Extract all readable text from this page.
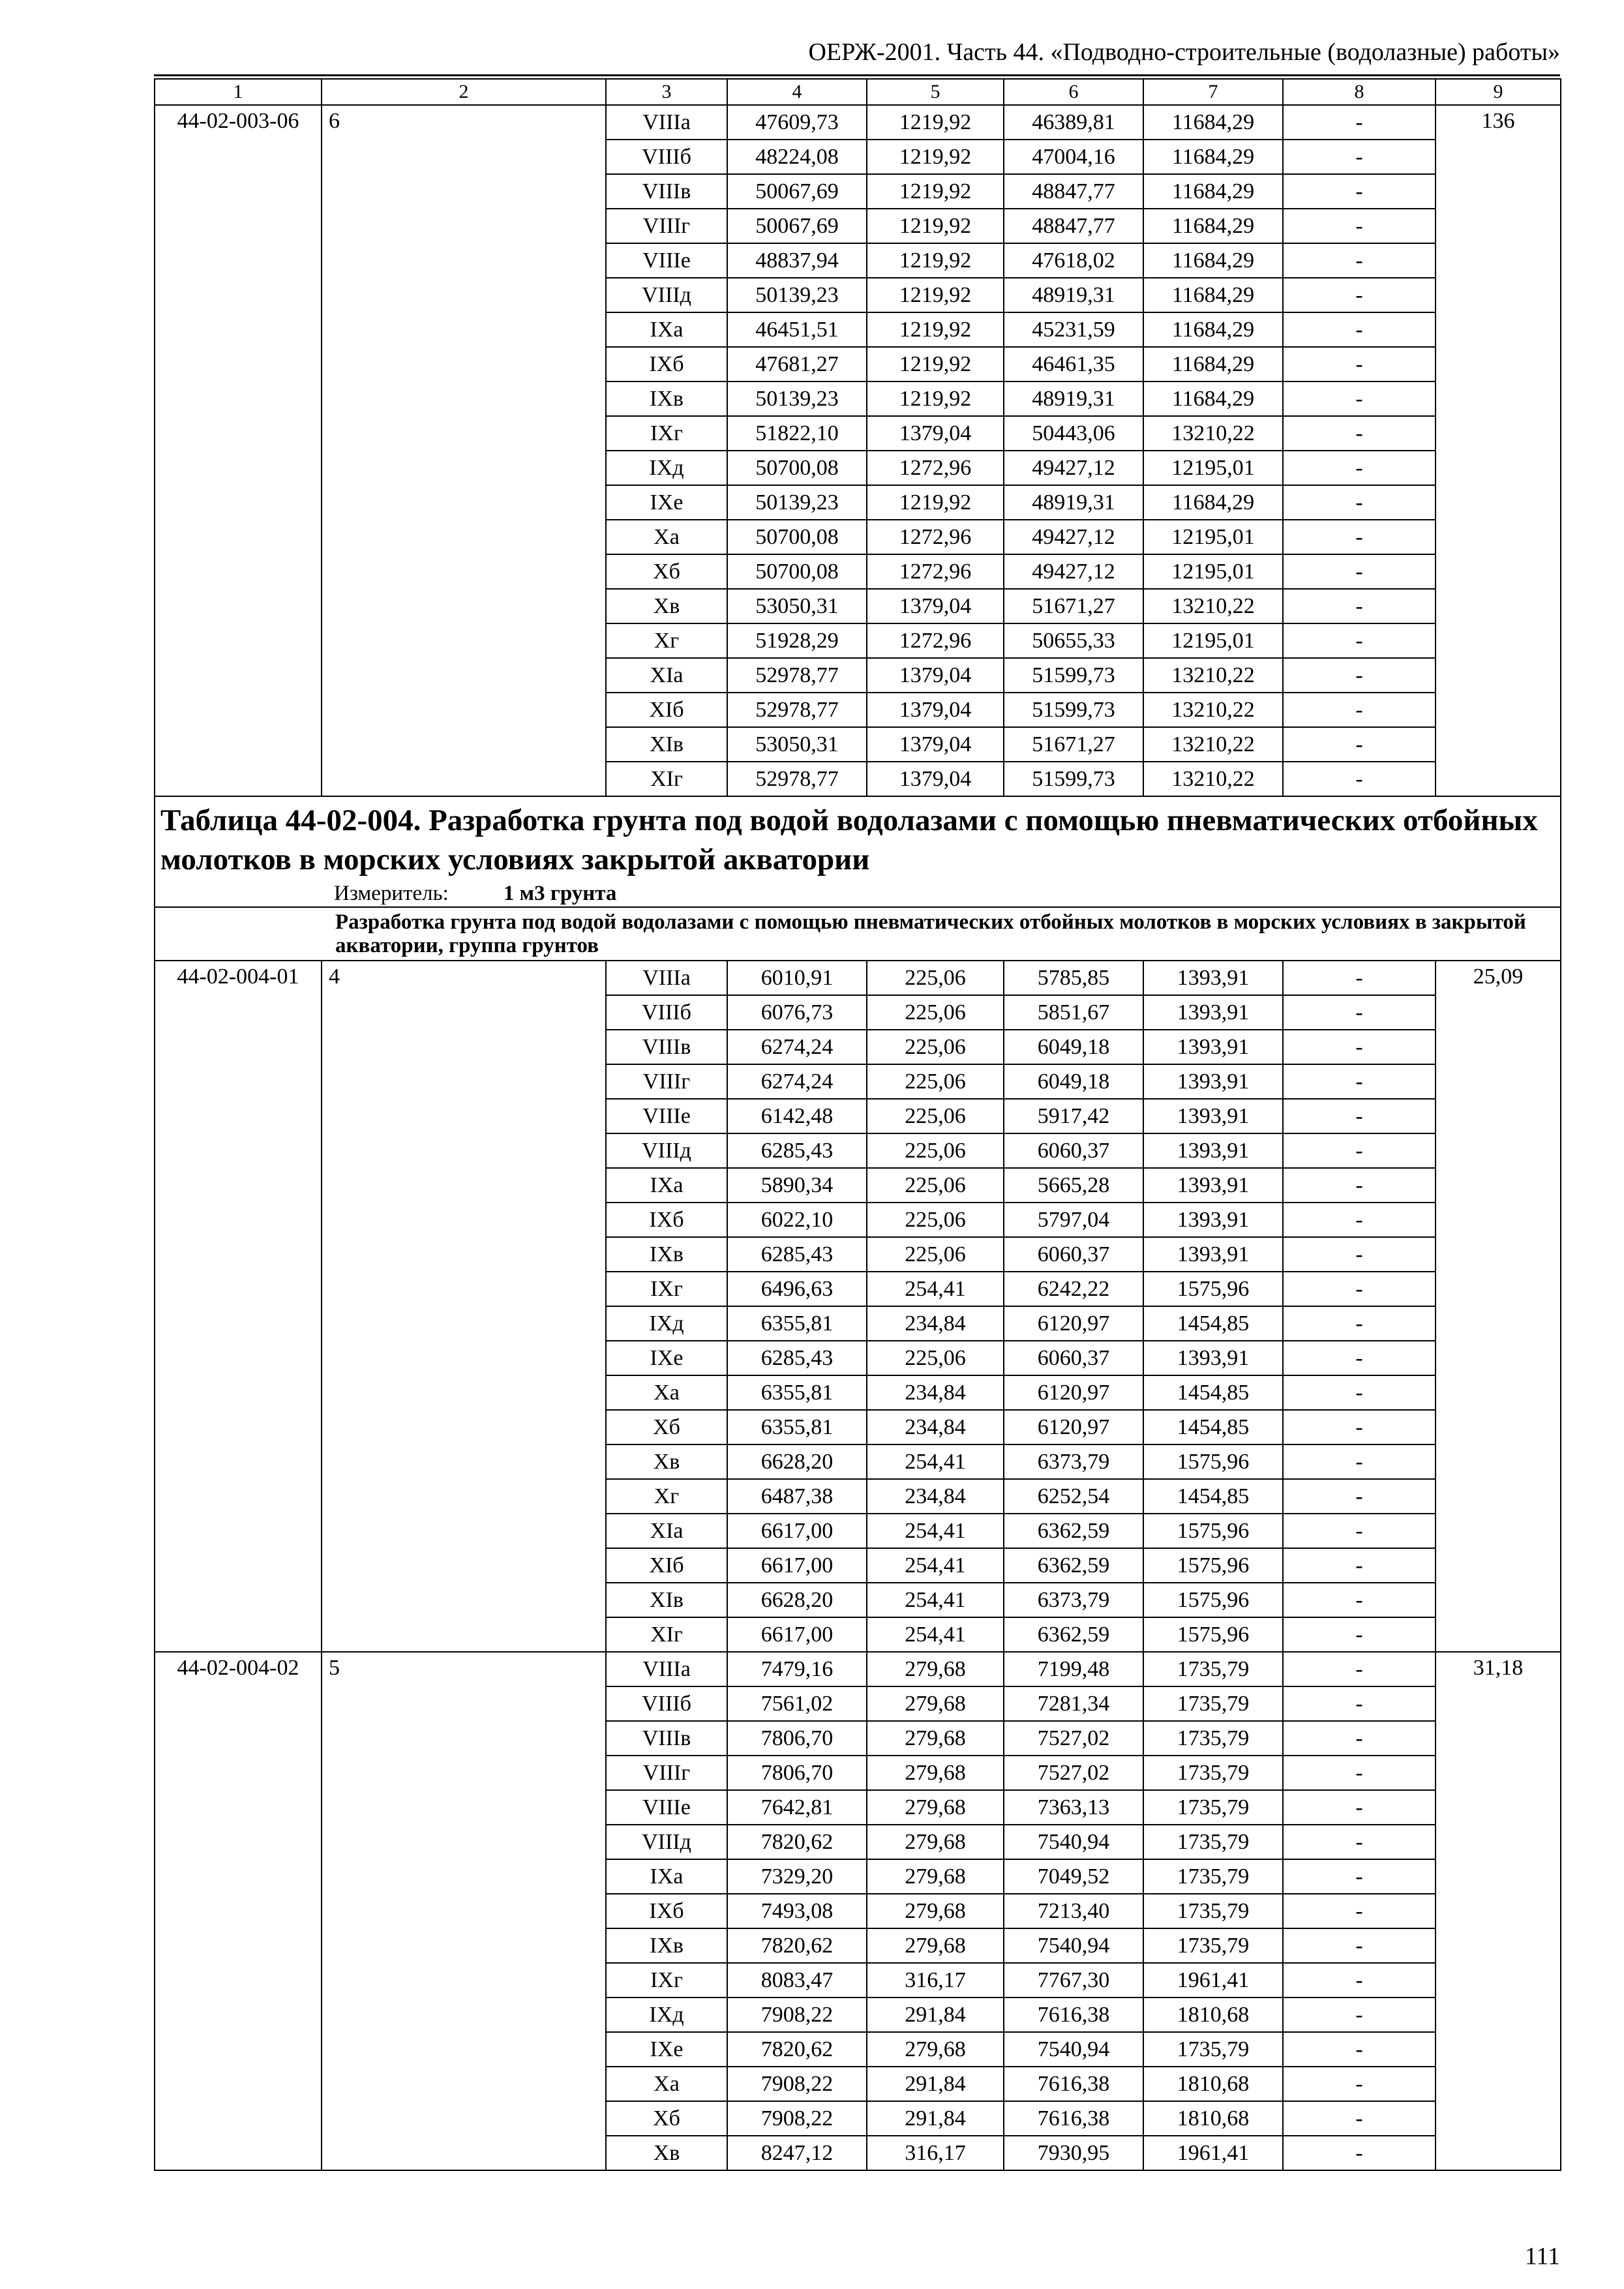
ОЕРЖ-2001. Часть 44. «Подводно-строительные (водолазные) работы»
1	2	3	4	5	6	7	8	9
44-02-003-06	6	VIIIa	47609,73	1219,92	46389,81	11684,29	-	136
		VIIIб	48224,08	1219,92	47004,16	11684,29	-	
		VIIIв	50067,69	1219,92	48847,77	11684,29	-	
		VIIIг	50067,69	1219,92	48847,77	11684,29	-	
		VIIIe	48837,94	1219,92	47618,02	11684,29	-	
		VIIIд	50139,23	1219,92	48919,31	11684,29	-	
		IXa	46451,51	1219,92	45231,59	11684,29	-	
		IXб	47681,27	1219,92	46461,35	11684,29	-	
		IXв	50139,23	1219,92	48919,31	11684,29	-	
		IXг	51822,10	1379,04	50443,06	13210,22	-	
		IXд	50700,08	1272,96	49427,12	12195,01	-	
		IXe	50139,23	1219,92	48919,31	11684,29	-	
		Xa	50700,08	1272,96	49427,12	12195,01	-	
		Xб	50700,08	1272,96	49427,12	12195,01	-	
		Xв	53050,31	1379,04	51671,27	13210,22	-	
		Xг	51928,29	1272,96	50655,33	12195,01	-	
		XIa	52978,77	1379,04	51599,73	13210,22	-	
		XIб	52978,77	1379,04	51599,73	13210,22	-	
		XIв	53050,31	1379,04	51671,27	13210,22	-	
		XIг	52978,77	1379,04	51599,73	13210,22	-	

Таблица 44-02-004. Разработка грунта под водой водолазами с помощью пневматических отбойных молотков в морских условиях закрытой акватории
Измеритель: 1 м3 грунта								

Разработка грунта под водой водолазами с помощью пневматических отбойных молотков в морских условиях в закрытой акватории, группа грунтов								
44-02-004-01	4	VIIIa	6010,91	225,06	5785,85	1393,91	-	25,09
		VIIIб	6076,73	225,06	5851,67	1393,91	-	
		VIIIв	6274,24	225,06	6049,18	1393,91	-	
		VIIIг	6274,24	225,06	6049,18	1393,91	-	
		VIIIe	6142,48	225,06	5917,42	1393,91	-	
		VIIIд	6285,43	225,06	6060,37	1393,91	-	
		IXa	5890,34	225,06	5665,28	1393,91	-	
		IXб	6022,10	225,06	5797,04	1393,91	-	
		IXв	6285,43	225,06	6060,37	1393,91	-	
		IXг	6496,63	254,41	6242,22	1575,96	-	
		IXд	6355,81	234,84	6120,97	1454,85	-	
		IXe	6285,43	225,06	6060,37	1393,91	-	
		Xa	6355,81	234,84	6120,97	1454,85	-	
		Xб	6355,81	234,84	6120,97	1454,85	-	
		Xв	6628,20	254,41	6373,79	1575,96	-	
		Xг	6487,38	234,84	6252,54	1454,85	-	
		XIa	6617,00	254,41	6362,59	1575,96	-	
		XIб	6617,00	254,41	6362,59	1575,96	-	
		XIв	6628,20	254,41	6373,79	1575,96	-	
		XIг	6617,00	254,41	6362,59	1575,96	-	
44-02-004-02	5	VIIIa	7479,16	279,68	7199,48	1735,79	-	31,18
		VIIIб	7561,02	279,68	7281,34	1735,79	-	
		VIIIв	7806,70	279,68	7527,02	1735,79	-	
		VIIIг	7806,70	279,68	7527,02	1735,79	-	
		VIIIe	7642,81	279,68	7363,13	1735,79	-	
		VIIIд	7820,62	279,68	7540,94	1735,79	-	
		IXa	7329,20	279,68	7049,52	1735,79	-	
		IXб	7493,08	279,68	7213,40	1735,79	-	
		IXв	7820,62	279,68	7540,94	1735,79	-	
		IXг	8083,47	316,17	7767,30	1961,41	-	
		IXд	7908,22	291,84	7616,38	1810,68	-	
		IXe	7820,62	279,68	7540,94	1735,79	-	
		Xa	7908,22	291,84	7616,38	1810,68	-	
		Xб	7908,22	291,84	7616,38	1810,68	-	
		Xв	8247,12	316,17	7930,95	1961,41	-	
111
